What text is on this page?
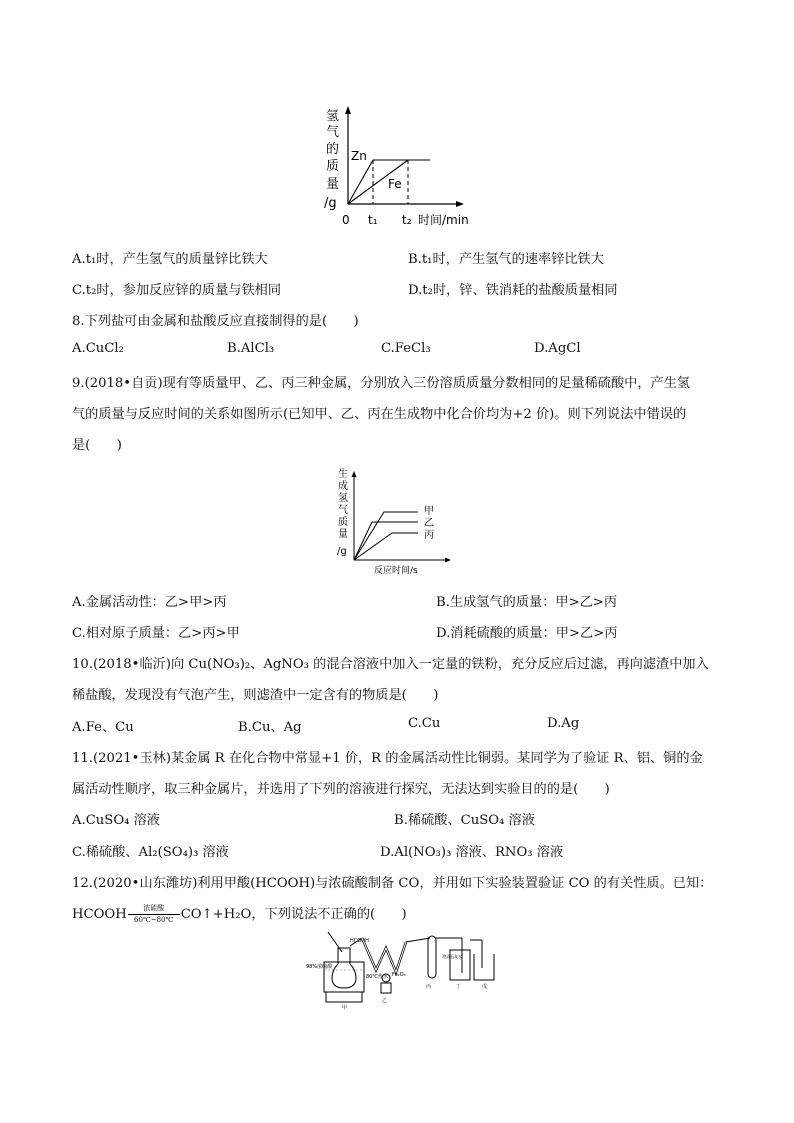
氢
气
的
质
量
/g
Zn
Fe
0 t₁ t₂ 时间/min
A.t₁时，产生氢气的质量锌比铁大	B.t₁时，产生氢气的速率锌比铁大
C.t₂时，参加反应锌的质量与铁相同	D.t₂时，锌、铁消耗的盐酸质量相同
8.下列盐可由金属和盐酸反应直接制得的是(　　)
A.CuCl₂	B.AlCl₃	C.FeCl₃	D.AgCl
9.(2018•自贡)现有等质量甲、乙、丙三种金属，分别放入三份溶质质量分数相同的足量稀硫酸中，产生氢
气的质量与反应时间的关系如图所示(已知甲、乙、丙在生成物中化合价均为+2 价)。则下列说法中错误的
是(　　)
生
成
氢
气
质
量
/g
甲
乙
丙
反应时间/s
A.金属活动性：乙>甲>丙	B.生成氢气的质量：甲>乙>丙
C.相对原子质量：乙>丙>甲	D.消耗硫酸的质量：甲>乙>丙
10.(2018•临沂)向 Cu(NO₃)₂、AgNO₃ 的混合溶液中加入一定量的铁粉，充分反应后过滤，再向滤渣中加入
稀盐酸，发现没有气泡产生，则滤渣中一定含有的物质是(　　)
A.Fe、Cu	B.Cu、Ag	C.Cu	D.Ag
11.(2021•玉林)某金属 R 在化合物中常显+1 价，R 的金属活动性比铜弱。某同学为了验证 R、铝、铜的金
属活动性顺序，取三种金属片，并选用了下列的溶液进行探究，无法达到实验目的的是(　　)
A.CuSO₄ 溶液	B.稀硫酸、CuSO₄ 溶液
C.稀硫酸、Al₂(SO₄)₃ 溶液	D.Al(NO₃)₃ 溶液、RNO₃ 溶液
12.(2020•山东潍坊)利用甲酸(HCOOH)与浓硫酸制备 CO，并用如下实验装置验证 CO 的有关性质。已知：
HCOOH	浓硫酸
60℃~80℃ CO↑+H₂O，下列说法不正确的(　　)
98%浓硫酸
HCOOH
80℃热水
甲
Fe₂O₃
乙
丙
澄清石灰水
丁	戊
